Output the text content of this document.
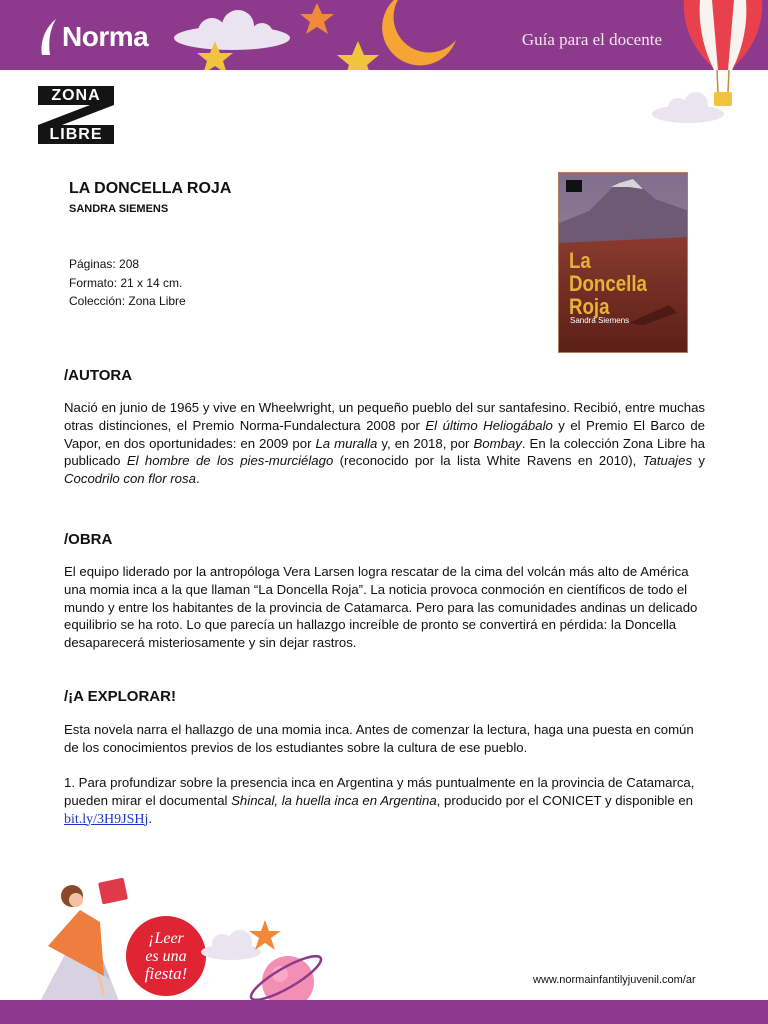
Norma	Guía para el docente
ZONA
LIBRE
LA DONCELLA ROJA
SANDRA SIEMENS
Páginas: 208
Formato: 21 x 14 cm.
Colección: Zona Libre
La
Doncella
Roja
Sandra Siemens
/AUTORA
Nació en junio de 1965 y vive en Wheelwright, un pequeño pueblo del sur santafesino. Recibió, entre muchas otras distinciones, el Premio Norma-Fundalectura 2008 por El último Heliogábalo y el Premio El Barco de Vapor, en dos oportunidades: en 2009 por La muralla y, en 2018, por Bombay. En la colección Zona Libre ha publicado El hombre de los pies-murciélago (reconocido por la lista White Ravens en 2010), Tatuajes y Cocodrilo con flor rosa.
/OBRA
El equipo liderado por la antropóloga Vera Larsen logra rescatar de la cima del volcán más alto de América una momia inca a la que llaman “La Doncella Roja”. La noticia provoca conmoción en científicos de todo el mundo y entre los habitantes de la provincia de Catamarca. Pero para las comunidades andinas un delicado equilibrio se ha roto. Lo que parecía un hallazgo increíble de pronto se convertirá en pérdida: la Doncella desaparecerá misteriosamente y sin dejar rastros.
/¡A EXPLORAR!
Esta novela narra el hallazgo de una momia inca. Antes de comenzar la lectura, haga una puesta en común de los conocimientos previos de los estudiantes sobre la cultura de ese pueblo.
1. Para profundizar sobre la presencia inca en Argentina y más puntualmente en la provincia de Catamarca, pueden mirar el documental Shincal, la huella inca en Argentina, producido por el CONICET y disponible en bit.ly/3H9JSHj.
¡Leer
es una
fiesta!	www.normainfantilyjuvenil.com/ar
